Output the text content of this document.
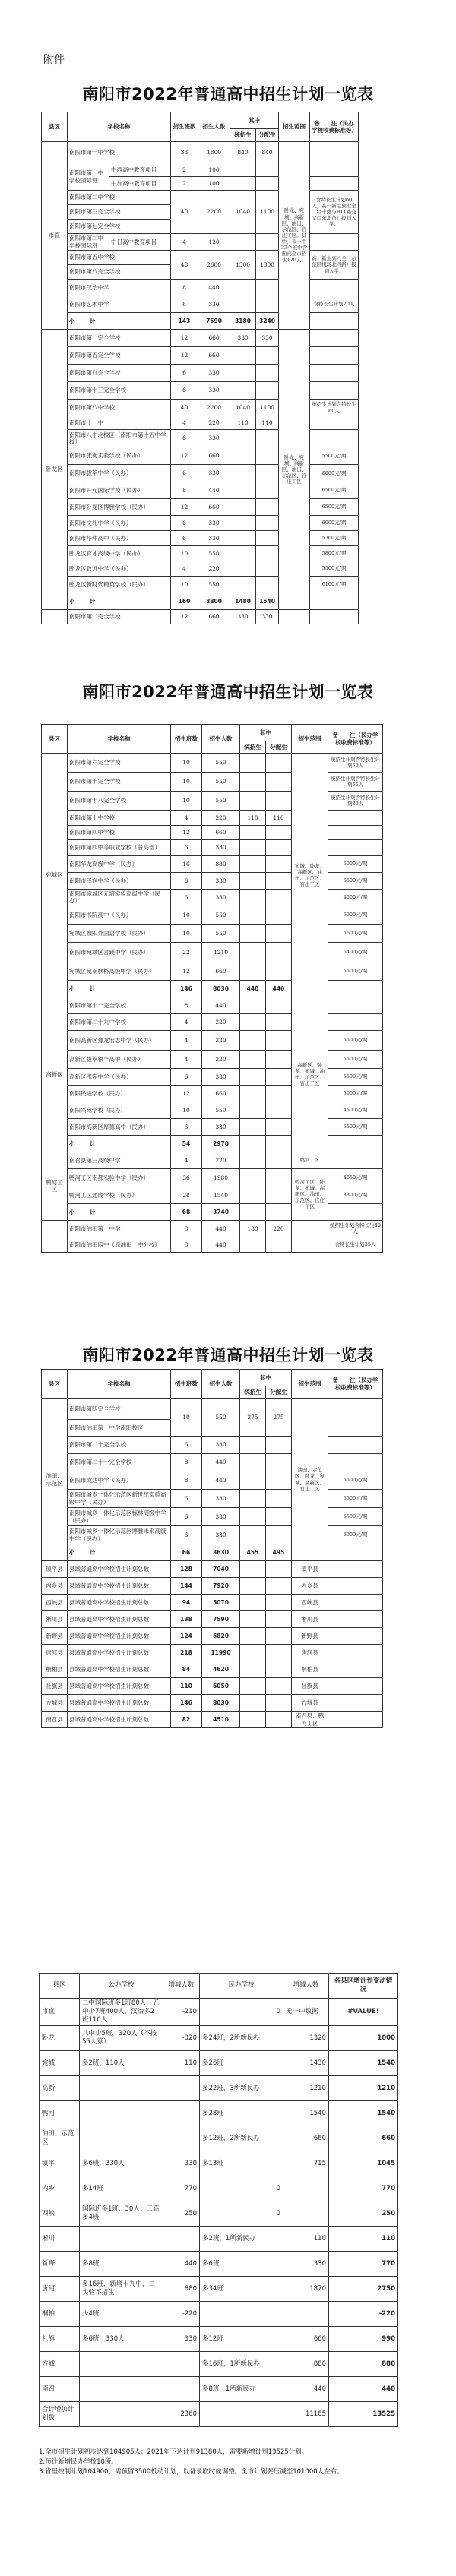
附件
南阳市2022年普通高中招生计划一览表
县区	学校名称		招生班数	招生人数	其中		招生范围	备　　注（民办学校收费标准等）
					统招生	分配生		
市直	南阳市第一中学校		33	1800	840	840	卧龙、宛城、高新区、油田、示范区、官庄工区。其中，市一中33个班中含面向全市招生120人。	
	南阳市第一中学校国际班	中西高中教育项目	2	100				
		中加高中教育项目	2	100				
	南阳市第二中学校		40	2200	1040	1100		含特长生计划60人，高一新生到七全（经十路与B11路交叉口东北角）报到入学。
	南阳市第三完全学校							
	南阳市第七完全学校							
	南阳市第二中学校国际班	中日高中教育项目	4	120				
	南阳市第五中学校		48	2600	1300	1300		高一新生到八全（示范区机场北四路）报到入学。
	南阳市第八完全学校							
	南阳市汉冶中学		8	440				
	南阳市艺术中学		6	330				含特长生计划20人
	小　计		143	7690	3180	3240		
卧龙区	南阳市第一完全学校		12	660	330	330	卧龙、宛城、高新区、油田、示范区、官庄工区	
	南阳市第五完全学校		12	660				
	南阳市第九完全学校		6	330				
	南阳市第十三完全学校		6	330				
	南阳市第八中学校		40	2200	1040	1100		统招生计划含特长生60人
	南阳市十一中		4	220	110	110		
	南阳市八中北校区（南阳市第十五中学校）		6	330				
	南阳市张衡实验学校（民办）		12	660				5500元/期
	南阳市拔萃中学（民办）		6	330				6000元/期
	南阳市开元国际学校（民办）		8	440				6500元/期
	南阳市卧龙区博雅学校（民办）		12	660				6500元/期
	南阳市文礼中学（民办）		6	330				6000元/期
	南阳市华仲高中（民办）		6	330				5300元/期
	卧龙区育才高级中学（民办）		10	550				5800元/期
	卧龙区致远中学（民办）		4	220				5500元/期
	卧龙区新时代精英学校（民办）		10	550				6100元/期
	小　计		160	8800	1480	1540		
	南阳市第二完全学校		12	660	330	330		
南阳市2022年普通高中招生计划一览表
县区	学校名称	招生班数	招生人数	其中		招生范围	备　　注（民办学校收费标准等）
				统招生	分配生		
宛城区	南阳市第六完全学校	10	550			宛城、卧龙、高新区、油田、示范区、官庄工区	统招生计划含特长生计划50人
	南阳市第十完全学校	10	550				统招生计划含特长生计划55人
	南阳市第十八完全学校	10	550				统招生计划含特长生计划30人
	南阳市第十中学校	4	220	110	110		
	南阳市第四中学校	12	660				
	南阳市第四中等职业学校（普高部）	6	330				
	南阳华龙高级中学（民办）	16	880				6000元/期
	南阳市泽润中学（民办）	6	330				5500元/期
	南阳市宛城区元培实验高级中学（民办）	6	330				4500元/期
	南阳市书院高中（民办）	10	550				6000元/期
	宛城区豫阳外国语学校（民办）	10	550				5600元/期
	南阳市宛城区言蹊中学（民办）	22	1210				6400元/期
	宛城区宛南枫桥高级中学（民办）	12	660				5500元/期
	小　计	146	8030	440	440		
高新区	南阳市第十一完全学校	8	440			高新区、卧龙、宛城、油田、示范区、官庄工区	
	南阳市第二十九中学校	4	220				
	南阳高新区豫龙宏志中学（民办）	4	220				6500元/期
	高新区拔萃银丰高中（民办）	4	220				5500元/期
	高新区泓宛中学（民办）	6	330				5500元/期
	南阳民进学校（民办）	12	660				5000元/期
	南阳兴宛学校（民办）	10	550				4500元/期
	南阳市高新区厚德高中（民办）	6	330				6500元/期
	小　计	54	2970				
鸭河工区	南召县第三高级中学	4	220			鸭河工区	
	鸭河工区南都实验中学（民办）	36	1980			鸭河工区、卧龙、宛城、高新区、油田、示范区、官庄工区	4850元/期
	鸭河工区通成学校（民办）	28	1540				3300元/期
	小　计	68	3740				
	南阳市油田第一中学	8	440	180	220		统招生计划含特长生40人
	南阳市油田四中（原油田一中分校）	8	440				含特长生计划35人
南阳市2022年普通高中招生计划一览表
县区	学校名称	招生班数	招生人数	其中		招生范围	备　　注（民办学校收费标准等）
				统招生	分配生		
油田、示范区	南阳市第四完全学校	10	550	275	275	油田、示范区、卧龙、宛城、高新区、官庄工区	
	南阳市油田第一中学南阳校区						
	南阳市第二十完全学校	6	330				
	南阳市第二十一完全学校	8	440				
	南阳市成达中学（民办）	8	440				6500元/期
	南阳市城乡一体化示范区新世纪实验高级中学（民办）	6	330				5500元/期
	南阳市城乡一体化示范区栋林高级中学（民办）	6	330				6500元/期
	南阳市城乡一体化示范区博雅未来高级中学（民办）	6	330				6000元/期
	小　计	66	3630	455	495		
镇平县	县域普通高中学校招生计划总数	128	7040			镇平县	
内乡县	县域普通高中学校招生计划总数	144	7920			内乡县	
西峡县	县域普通高中学校招生计划总数	94	5070			西峡县	
淅川县	县域普通高中学校招生计划总数	138	7590			淅川县	
新野县	县域普通高中学校招生计划总数	124	6820			新野县	
唐河县	县域普通高中学校招生计划总数	218	11990			唐河县	
桐柏县	县域普通高中学校招生计划总数	84	4620			桐柏县	
社旗县	县域普通高中学校招生计划总数	110	6050			社旗县	
方城县	县域普通高中学校招生计划总数	146	8030			方城县	
南召县	县域普通高中学校招生计划总数	82	4510			南召县、鸭河工区	
县区	公办学校	增减人数	民办学校	增减人数	各县区增计划变动情况
市直	二中国际班多1班80人，五中少7班400人，汉冶多2班110人	-210	0	无一中数据	#VALUE!
卧龙	八中少5班，320人（不按55人算）	-320	多24班，2所新民办	1320	1000
宛城	多2班，110人	110	多26班	1430	1540
高新			多22班，3所新民办	1210	1210
鸭河			多28班	1540	1540
油田、示范区			多12班，2所新民办	660	660
镇平	多6班，330人	330	多13班	715	1045
内乡	多14班	770	0		770
西峡	国际班多1班，30人；三高多4班	250	0		250
淅川			多2班，1所新民办	110	110
新野	多8班	440	多6班	330	770
唐河	多16班，新增十九中，二实验不招生	880	多34班	1870	2750
桐柏	少4班	-220			-220
社旗	多6班，330人	330	多12班	660	990
方城			多16班，1所新民办	880	880
南召			多8班，1所新民办	440	440
合计增加计划数		2360		11165	13525
1.全市招生计划初步达到104905人；2021年下达计划91380人，需要新增计划13525计划。
2.预计新增民办学校10所。
3.省里控制计划104900，需预留3500机动计划，以备录取时候调整。全市计划要压减至101000人左右。
